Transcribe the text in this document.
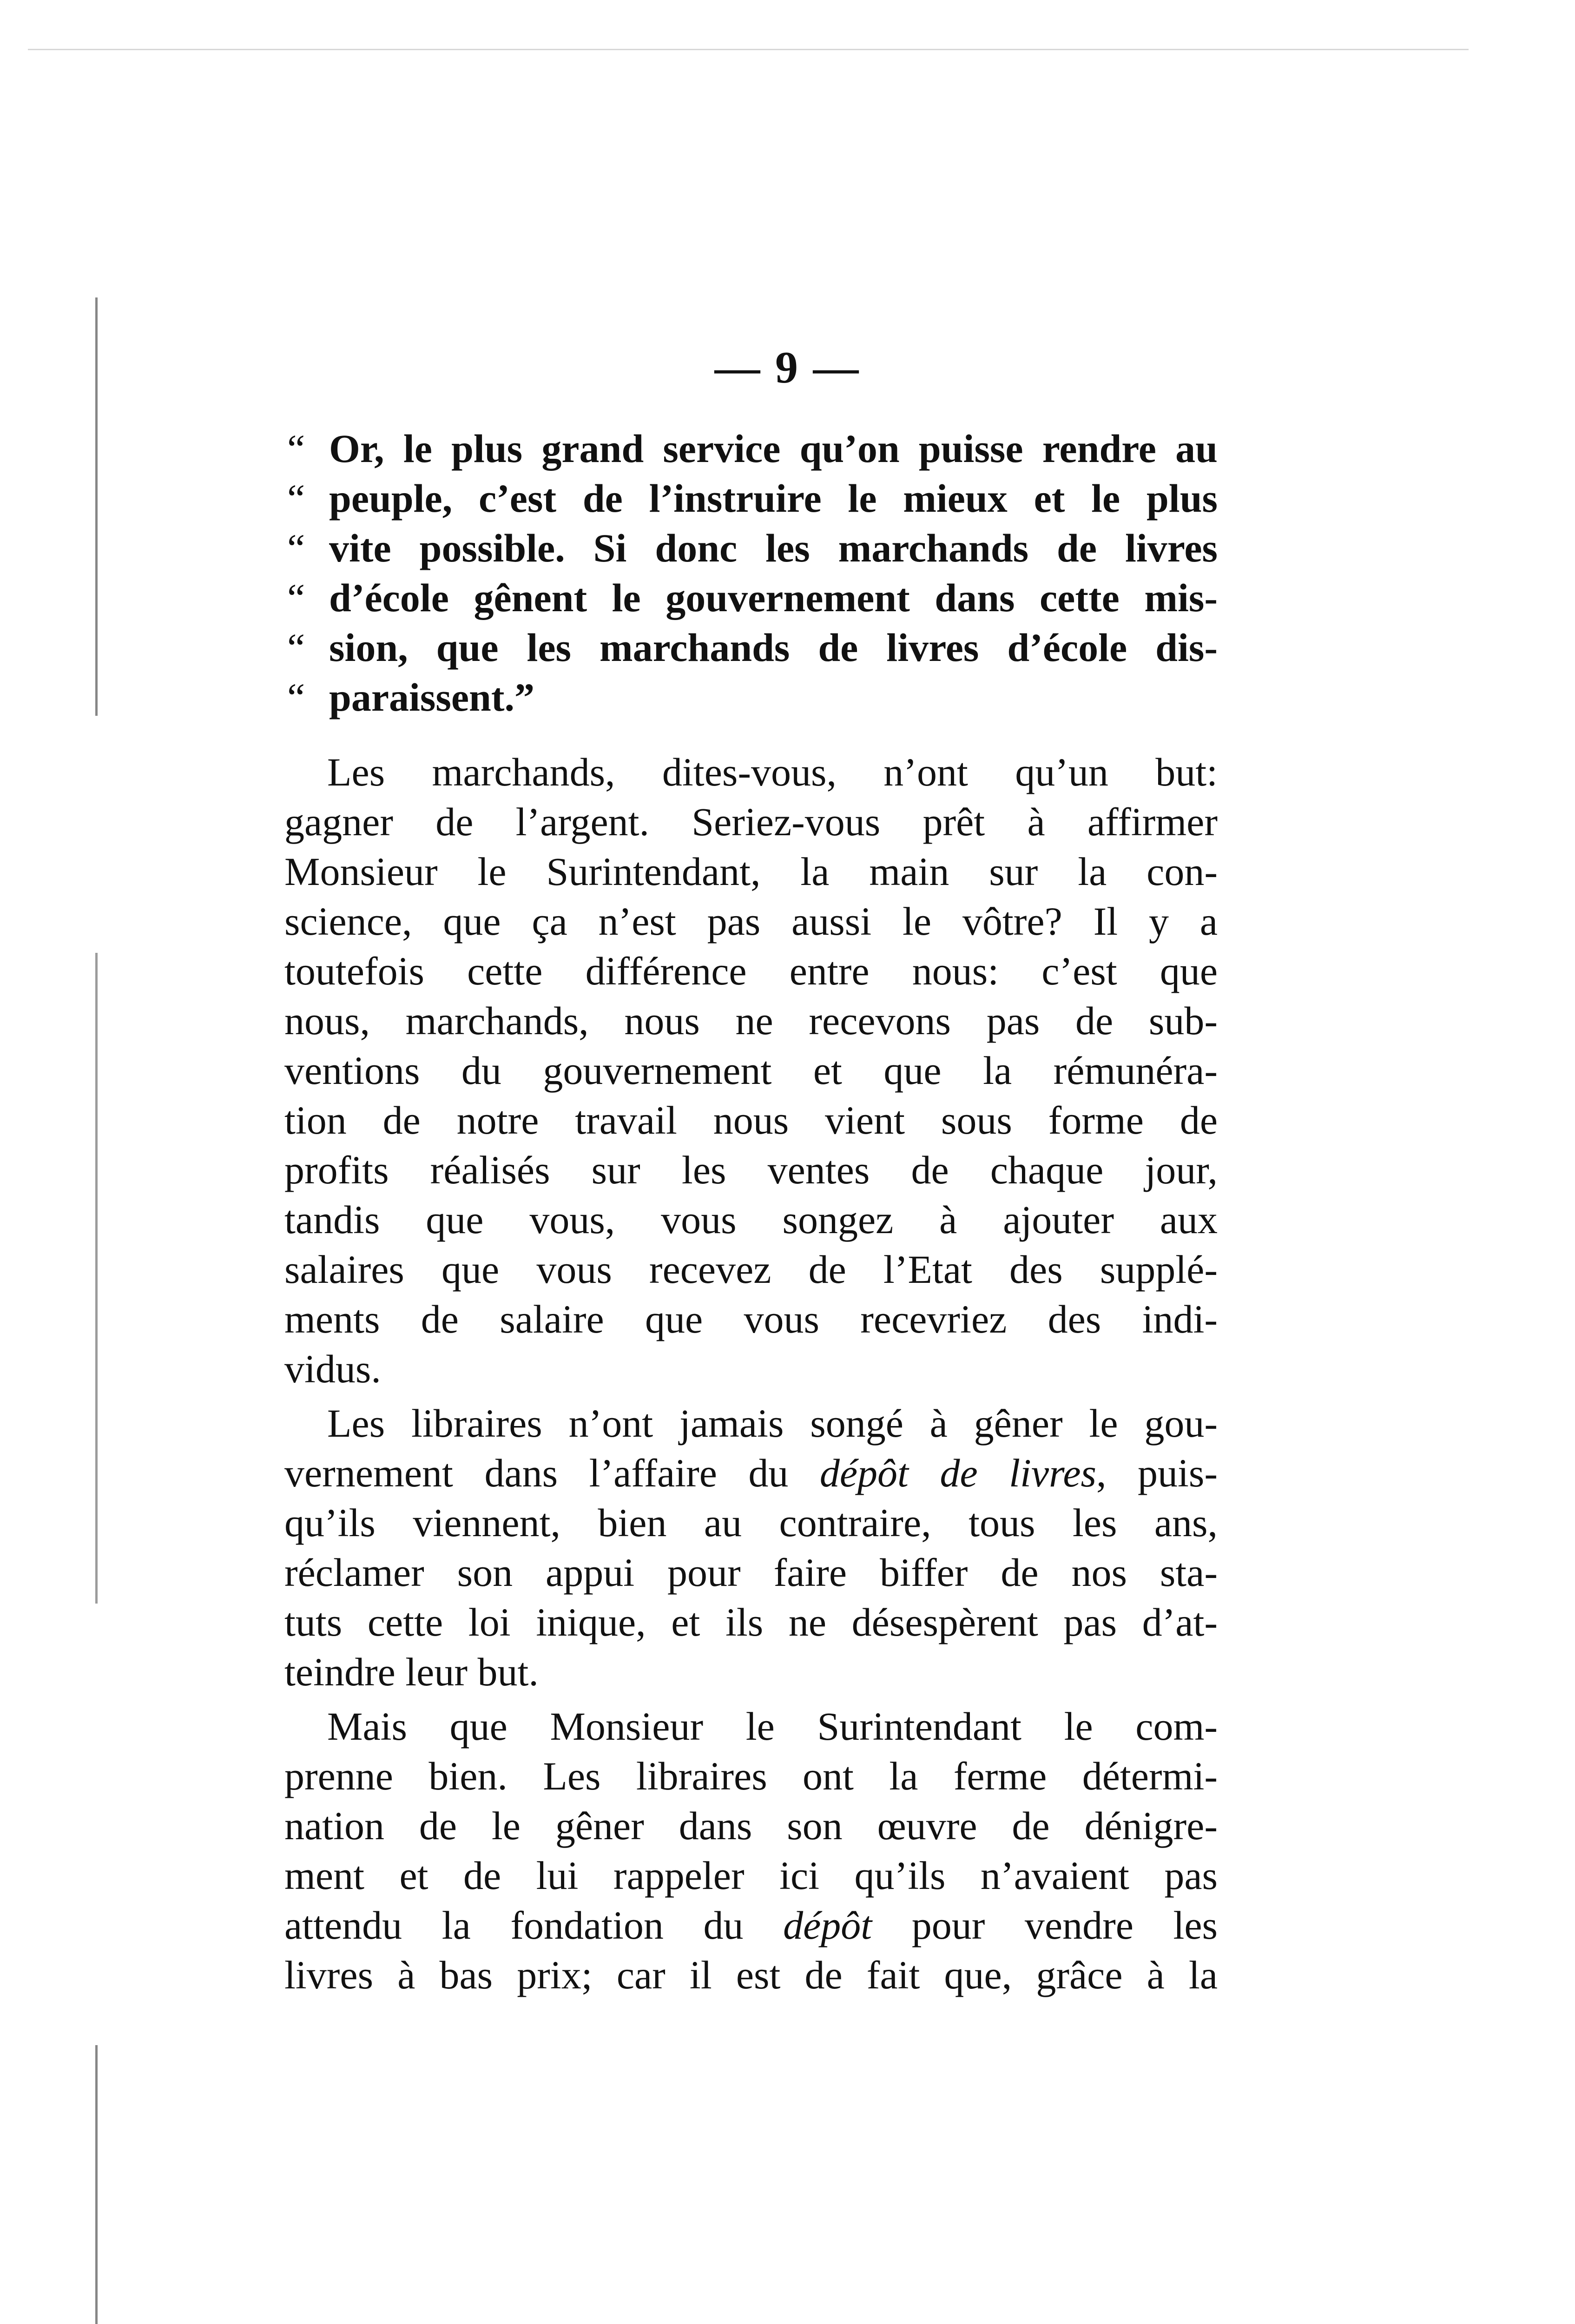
— 9 —
“ Or, le plus grand service qu’on puisse rendre au
“ peuple, c’est de l’instruire le mieux et le plus
“ vite possible. Si donc les marchands de livres
“ d’école gênent le gouvernement dans cette mis-
“ sion, que les marchands de livres d’école dis-
“ paraissent.”
Les marchands, dites-vous, n’ont qu’un but:
gagner de l’argent. Seriez-vous prêt à affirmer
Monsieur le Surintendant, la main sur la con-
science, que ça n’est pas aussi le vôtre? Il y a
toutefois cette différence entre nous: c’est que
nous, marchands, nous ne recevons pas de sub-
ventions du gouvernement et que la rémunéra-
tion de notre travail nous vient sous forme de
profits réalisés sur les ventes de chaque jour,
tandis que vous, vous songez à ajouter aux
salaires que vous recevez de l’Etat des supplé-
ments de salaire que vous recevriez des indi-
vidus.
Les libraires n’ont jamais songé à gêner le gou-
vernement dans l’affaire du dépôt de livres, puis-
qu’ils viennent, bien au contraire, tous les ans,
réclamer son appui pour faire biffer de nos sta-
tuts cette loi inique, et ils ne désespèrent pas d’at-
teindre leur but.
Mais que Monsieur le Surintendant le com-
prenne bien. Les libraires ont la ferme détermi-
nation de le gêner dans son œuvre de dénigre-
ment et de lui rappeler ici qu’ils n’avaient pas
attendu la fondation du dépôt pour vendre les
livres à bas prix; car il est de fait que, grâce à la
